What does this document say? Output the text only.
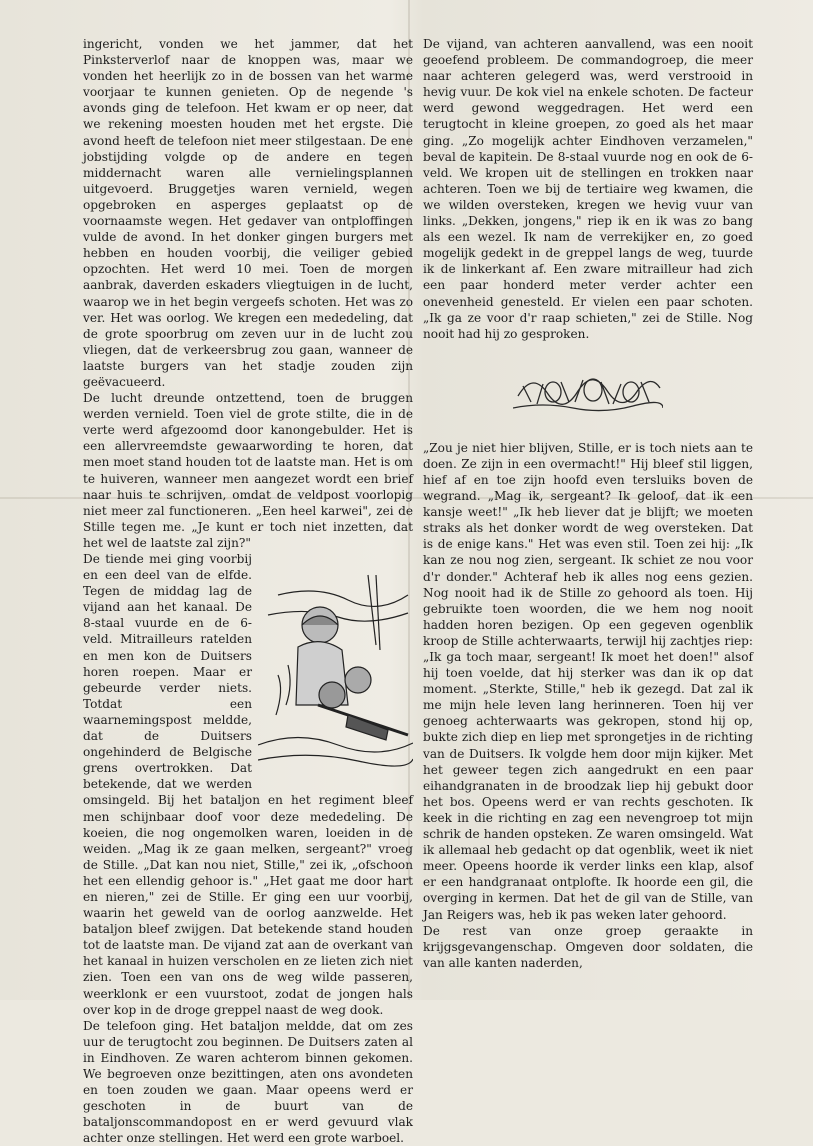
ingericht, vonden we het jammer, dat het Pinksterverlof naar de knoppen was, maar we vonden het heerlijk zo in de bossen van het warme voorjaar te kunnen genieten. Op de negende 's avonds ging de telefoon. Het kwam er op neer, dat we rekening moesten houden met het ergste. Die avond heeft de telefoon niet meer stilgestaan. De ene jobstijding volgde op de andere en tegen middernacht waren alle vernielingsplannen uitgevoerd. Bruggetjes waren vernield, wegen opgebroken en asperges geplaatst op de voornaamste wegen. Het gedaver van ontploffingen vulde de avond. In het donker gingen burgers met hebben en houden voorbij, die veiliger gebied opzochten. Het werd 10 mei. Toen de morgen aanbrak, daverden eskaders vliegtuigen in de lucht, waarop we in het begin vergeefs schoten. Het was zo ver. Het was oorlog. We kregen een mededeling, dat de grote spoorbrug om zeven uur in de lucht zou vliegen, dat de verkeersbrug zou gaan, wanneer de laatste burgers van het stadje zouden zijn geëvacueerd.

De lucht dreunde ontzettend, toen de bruggen werden vernield. Toen viel de grote stilte, die in de verte werd afgezoomd door kanongebulder. Het is een allervreemdste gewaarwording te horen, dat men moet stand houden tot de laatste man. Het is om te huiveren, wanneer men aangezet wordt een brief naar huis te schrijven, omdat de veldpost voorlopig niet meer zal functioneren. „Een heel karwei", zei de Stille tegen me. „Je kunt er toch niet inzetten, dat het wel de laatste zal zijn?"

De tiende mei ging voorbij en een deel van de elfde. Tegen de middag lag de vijand aan het kanaal. De 8-staal vuurde en de 6-veld. Mitrailleurs ratelden en men kon de Duitsers horen roepen. Maar er gebeurde verder niets. Totdat een waarnemingspost meldde, dat de Duitsers ongehinderd de Belgische grens overtrokken. Dat betekende, dat we werden omsingeld. Bij het bataljon en het regiment bleef men schijnbaar doof voor deze mededeling. De koeien, die nog ongemolken waren, loeiden in de weiden. „Mag ik ze gaan melken, sergeant?" vroeg de Stille. „Dat kan nou niet, Stille," zei ik, „ofschoon het een ellendig gehoor is." „Het gaat me door hart en nieren," zei de Stille. Er ging een uur voorbij, waarin het geweld van de oorlog aanzwelde. Het bataljon bleef zwijgen. Dat betekende stand houden tot de laatste man. De vijand zat aan de overkant van het kanaal in huizen verscholen en ze lieten zich niet zien. Toen een van ons de weg wilde passeren, weerklonk er een vuurstoot, zodat de jongen hals over kop in de droge greppel naast de weg dook.

De telefoon ging. Het bataljon meldde, dat om zes uur de terugtocht zou beginnen. De Duitsers zaten al in Eindhoven. Ze waren achterom binnen gekomen. We begroeven onze bezittingen, aten ons avondeten en toen zouden we gaan. Maar opeens werd er geschoten in de buurt van de bataljonscommandopost en er werd gevuurd vlak achter onze stellingen. Het werd een grote warboel.

De vijand, van achteren aanvallend, was een nooit geoefend probleem. De commandogroep, die meer naar achteren gelegerd was, werd verstrooid in hevig vuur. De kok viel na enkele schoten. De facteur werd gewond weggedragen. Het werd een terugtocht in kleine groepen, zo goed als het maar ging. „Zo mogelijk achter Eindhoven verzamelen," beval de kapitein. De 8-staal vuurde nog en ook de 6-veld. We kropen uit de stellingen en trokken naar achteren. Toen we bij de tertiaire weg kwamen, die we wilden oversteken, kregen we hevig vuur van links. „Dekken, jongens," riep ik en ik was zo bang als een wezel. Ik nam de verrekijker en, zo goed mogelijk gedekt in de greppel langs de weg, tuurde ik de linkerkant af. Een zware mitrailleur had zich een paar honderd meter verder achter een onevenheid genesteld. Er vielen een paar schoten. „Ik ga ze voor d'r raap schieten," zei de Stille. Nog nooit had hij zo gesproken.

„Zou je niet hier blijven, Stille, er is toch niets aan te doen. Ze zijn in een overmacht!" Hij bleef stil liggen, hief af en toe zijn hoofd even tersluiks boven de wegrand. „Mag ik, sergeant? Ik geloof, dat ik een kansje weet!" „Ik heb liever dat je blijft; we moeten straks als het donker wordt de weg oversteken. Dat is de enige kans." Het was even stil. Toen zei hij: „Ik kan ze nou nog zien, sergeant. Ik schiet ze nou voor d'r donder." Achteraf heb ik alles nog eens gezien. Nog nooit had ik de Stille zo gehoord als toen. Hij gebruikte toen woorden, die we hem nog nooit hadden horen bezigen. Op een gegeven ogenblik kroop de Stille achterwaarts, terwijl hij zachtjes riep: „Ik ga toch maar, sergeant! Ik moet het doen!" alsof hij toen voelde, dat hij sterker was dan ik op dat moment. „Sterkte, Stille," heb ik gezegd. Dat zal ik me mijn hele leven lang herinneren. Toen hij ver genoeg achterwaarts was gekropen, stond hij op, bukte zich diep en liep met sprongetjes in de richting van de Duitsers. Ik volgde hem door mijn kijker. Met het geweer tegen zich aangedrukt en een paar eihandgranaten in de broodzak liep hij gebukt door het bos. Opeens werd er van rechts geschoten. Ik keek in die richting en zag een nevengroep tot mijn schrik de handen opsteken. Ze waren omsingeld. Wat ik allemaal heb gedacht op dat ogenblik, weet ik niet meer. Opeens hoorde ik verder links een klap, alsof er een handgranaat ontplofte. Ik hoorde een gil, die overging in kermen. Dat het de gil van de Stille, van Jan Reigers was, heb ik pas weken later gehoord.

De rest van onze groep geraakte in krijgsgevangenschap. Omgeven door soldaten, die van alle kanten naderden,
